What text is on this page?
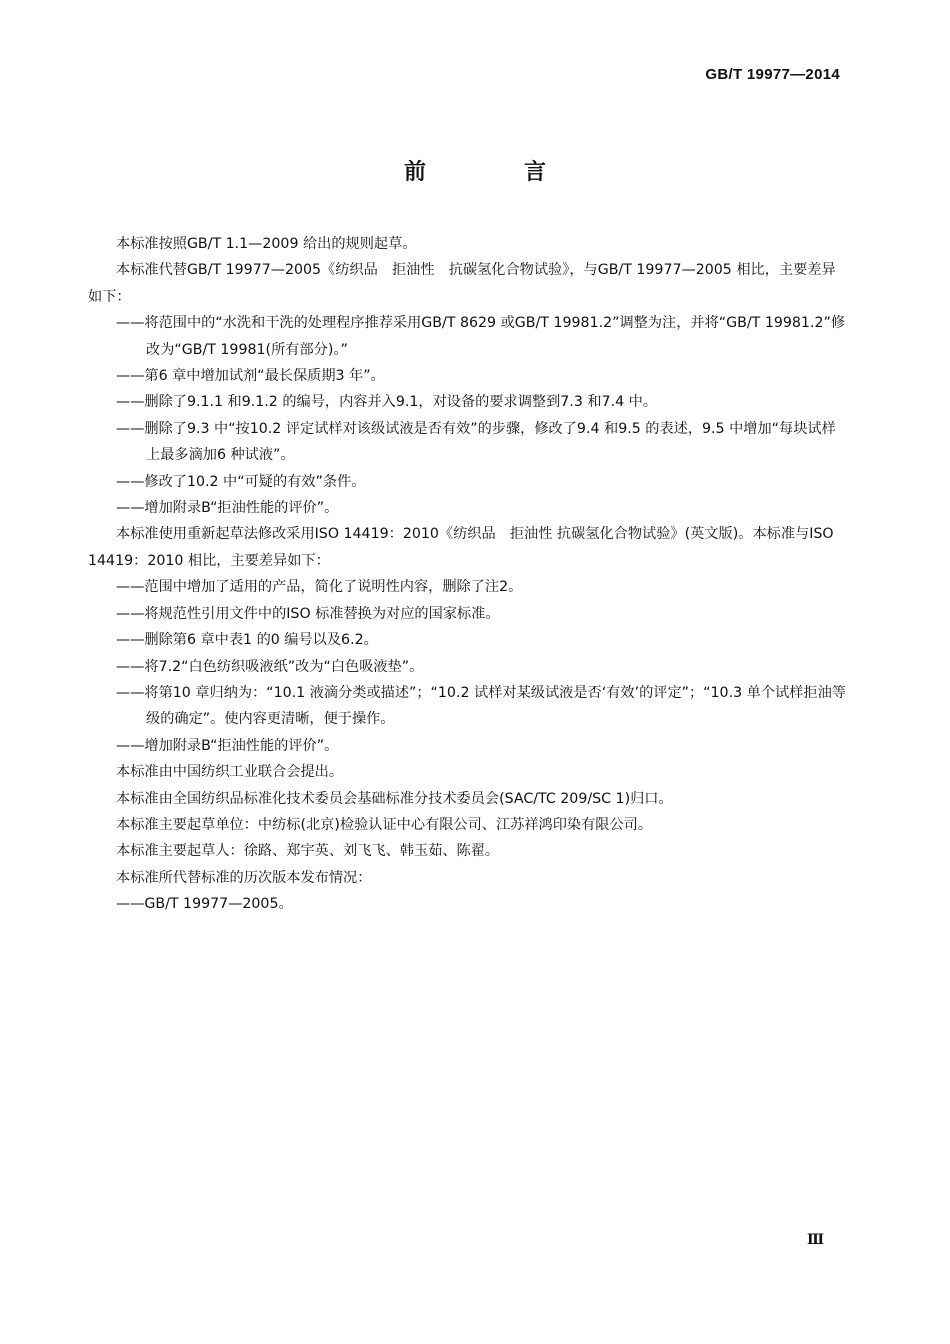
GB/T 19977—2014
前　言

本标准按照GB/T 1.1—2009 给出的规则起草。

本标准代替GB/T 19977—2005《纺织品　拒油性　抗碳氢化合物试验》，与GB/T 19977—2005 相比，主要差异如下：

——将范围中的“水洗和干洗的处理程序推荐采用GB/T 8629 或GB/T 19981.2”调整为注，并将“GB/T 19981.2”修改为“GB/T 19981(所有部分)。”

——第6 章中增加试剂“最长保质期3 年”。

——删除了9.1.1 和9.1.2 的编号，内容并入9.1，对设备的要求调整到7.3 和7.4 中。

——删除了9.3 中“按10.2 评定试样对该级试液是否有效”的步骤，修改了9.4 和9.5 的表述，9.5 中增加“每块试样上最多滴加6 种试液”。

——修改了10.2 中“可疑的有效”条件。

——增加附录B“拒油性能的评价”。

本标准使用重新起草法修改采用ISO 14419：2010《纺织品　拒油性 抗碳氢化合物试验》(英文版)。本标准与ISO 14419：2010 相比，主要差异如下：

——范围中增加了适用的产品，简化了说明性内容，删除了注2。

——将规范性引用文件中的ISO 标准替换为对应的国家标准。

——删除第6 章中表1 的0 编号以及6.2。

——将7.2“白色纺织吸液纸”改为“白色吸液垫”。

——将第10 章归纳为：“10.1 液滴分类或描述”；“10.2 试样对某级试液是否‘有效’的评定”；“10.3 单个试样拒油等级的确定”。使内容更清晰，便于操作。

——增加附录B“拒油性能的评价”。

本标准由中国纺织工业联合会提出。

本标准由全国纺织品标准化技术委员会基础标准分技术委员会(SAC/TC 209/SC 1)归口。

本标准主要起草单位：中纺标(北京)检验认证中心有限公司、江苏祥鸿印染有限公司。

本标准主要起草人：徐路、郑宇英、刘飞飞、韩玉茹、陈翟。

本标准所代替标准的历次版本发布情况：

——GB/T 19977—2005。

Ⅲ
